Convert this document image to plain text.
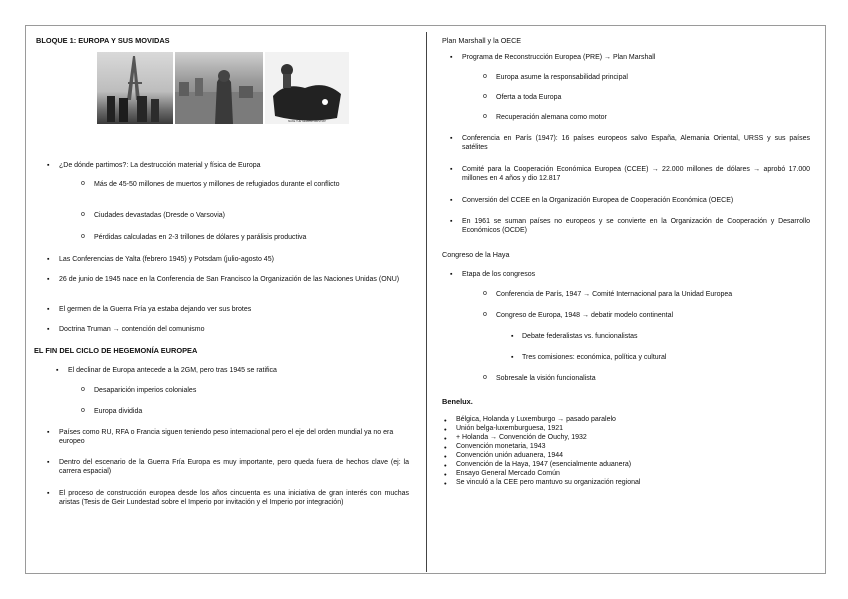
BLOQUE 1: EUROPA Y SUS MOVIDAS
MAKE THE GERMAN AIRSTRIP
▪ ¿De dónde partimos?: La destrucción material y física de Europa
o Más de 45-50 millones de muertos y millones de refugiados durante el conflicto
o Ciudades devastadas (Dresde o Varsovia)
o Pérdidas calculadas en 2-3 trillones de dólares y parálisis productiva
▪ Las Conferencias de Yalta (febrero 1945) y Potsdam (julio-agosto 45)
▪ 26 de junio de 1945 nace en la Conferencia de San Francisco la Organización de las Naciones Unidas (ONU)
▪ El germen de la Guerra Fría ya estaba dejando ver sus brotes
▪ Doctrina Truman → contención del comunismo
EL FIN DEL CICLO DE HEGEMONÍA EUROPEA
▪ El declinar de Europa antecede a la 2GM, pero tras 1945 se ratifica
o Desaparición imperios coloniales
o Europa dividida
▪ Países como RU, RFA o Francia siguen teniendo peso internacional pero el eje del orden mundial ya no era europeo
▪ Dentro del escenario de la Guerra Fría Europa es muy importante, pero queda fuera de hechos clave (ej: la carrera espacial)
▪ El proceso de construcción europea desde los años cincuenta es una iniciativa de gran interés con muchas aristas (Tesis de Geir Lundestad sobre el Imperio por invitación y el Imperio por integración)
Plan Marshall y la OECE
▪ Programa de Reconstrucción Europea (PRE) → Plan Marshall
o Europa asume la responsabilidad principal
o Oferta a toda Europa
o Recuperación alemana como motor
▪ Conferencia en París (1947): 16 países europeos salvo España, Alemania Oriental, URSS y sus países satélites
▪ Comité para la Cooperación Económica Europea (CCEE) → 22.000 millones de dólares → aprobó 17.000 millones en 4 años y dio 12.817
▪ Conversión del CCEE en la Organización Europea de Cooperación Económica (OECE)
▪ En 1961 se suman países no europeos y se convierte en la Organización de Cooperación y Desarrollo Económicos (OCDE)
Congreso de la Haya
▪ Etapa de los congresos
o Conferencia de París, 1947 → Comité Internacional para la Unidad Europea
o Congreso de Europa, 1948 → debatir modelo continental
▪ Debate federalistas vs. funcionalistas
▪ Tres comisiones: económica, política y cultural
o Sobresale la visión funcionalista
Benelux.
• Bélgica, Holanda y Luxemburgo → pasado paralelo
• Unión belga-luxemburguesa, 1921
• + Holanda → Convención de Ouchy, 1932
• Convención monetaria, 1943
• Convención unión aduanera, 1944
• Convención de la Haya, 1947 (esencialmente aduanera)
• Ensayo General Mercado Común
• Se vinculó a la CEE pero mantuvo su organización regional
